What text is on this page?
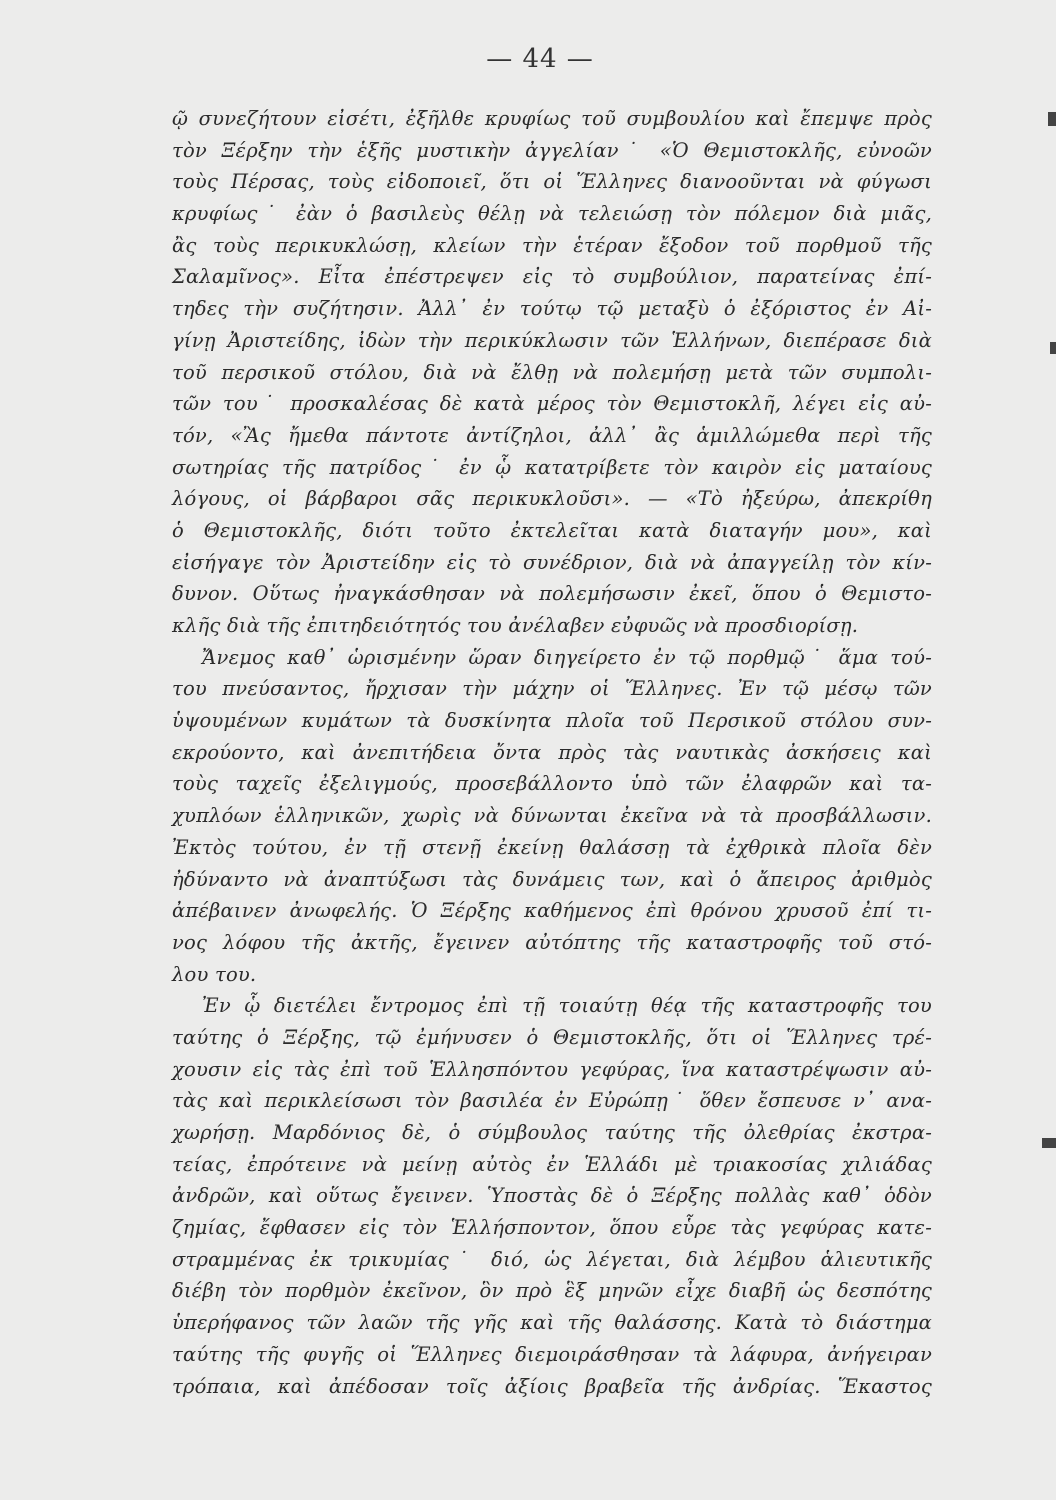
— 44 —
ῷ συνεζήτουν εἰσέτι, ἐξῆλθε κρυφίως τοῦ συμβουλίου καὶ ἔπεμψε πρὸς
τὸν Ξέρξην τὴν ἑξῆς μυστικὴν ἀγγελίαν˙ «Ὁ Θεμιστοκλῆς, εὐνοῶν
τοὺς Πέρσας, τοὺς εἰδοποιεῖ, ὅτι οἱ Ἕλληνες διανοοῦνται νὰ φύγωσι
κρυφίως˙ ἐὰν ὁ βασιλεὺς θέλῃ νὰ τελειώσῃ τὸν πόλεμον διὰ μιᾶς,
ἂς τοὺς περικυκλώσῃ, κλείων τὴν ἑτέραν ἔξοδον τοῦ πορθμοῦ τῆς
Σαλαμῖνος». Εἶτα ἐπέστρεψεν εἰς τὸ συμβούλιον, παρατείνας ἐπί-
τηδες τὴν συζήτησιν. Ἀλλ᾿ ἐν τούτῳ τῷ μεταξὺ ὁ ἐξόριστος ἐν Αἰ-
γίνῃ Ἀριστείδης, ἰδὼν τὴν περικύκλωσιν τῶν Ἑλλήνων, διεπέρασε διὰ
τοῦ περσικοῦ στόλου, διὰ νὰ ἔλθῃ νὰ πολεμήσῃ μετὰ τῶν συμπολι-
τῶν του˙ προσκαλέσας δὲ κατὰ μέρος τὸν Θεμιστοκλῆ, λέγει εἰς αὐ-
τόν, «Ἂς ἤμεθα πάντοτε ἀντίζηλοι, ἀλλ᾿ ἂς ἁμιλλώμεθα περὶ τῆς
σωτηρίας τῆς πατρίδος˙ ἐν ᾧ κατατρίβετε τὸν καιρὸν εἰς ματαίους
λόγους, οἱ βάρβαροι σᾶς περικυκλοῦσι». — «Τὸ ἠξεύρω, ἀπεκρίθη
ὁ Θεμιστοκλῆς, διότι τοῦτο ἐκτελεῖται κατὰ διαταγήν μου», καὶ
εἰσήγαγε τὸν Ἀριστείδην εἰς τὸ συνέδριον, διὰ νὰ ἀπαγγείλῃ τὸν κίν-
δυνον. Οὕτως ἠναγκάσθησαν νὰ πολεμήσωσιν ἐκεῖ, ὅπου ὁ Θεμιστο-
κλῆς διὰ τῆς ἐπιτηδειότητός του ἀνέλαβεν εὐφυῶς νὰ προσδιορίσῃ.
Ἄνεμος καθ᾿ ὡρισμένην ὥραν διηγείρετο ἐν τῷ πορθμῷ˙ ἅμα τού-
του πνεύσαντος, ἤρχισαν τὴν μάχην οἱ Ἕλληνες. Ἐν τῷ μέσῳ τῶν
ὑψουμένων κυμάτων τὰ δυσκίνητα πλοῖα τοῦ Περσικοῦ στόλου συν-
εκρούοντο, καὶ ἀνεπιτήδεια ὄντα πρὸς τὰς ναυτικὰς ἀσκήσεις καὶ
τοὺς ταχεῖς ἐξελιγμούς, προσεβάλλοντο ὑπὸ τῶν ἐλαφρῶν καὶ τα-
χυπλόων ἑλληνικῶν, χωρὶς νὰ δύνωνται ἐκεῖνα νὰ τὰ προσβάλλωσιν.
Ἐκτὸς τούτου, ἐν τῇ στενῇ ἐκείνῃ θαλάσσῃ τὰ ἐχθρικὰ πλοῖα δὲν
ἠδύναντο νὰ ἀναπτύξωσι τὰς δυνάμεις των, καὶ ὁ ἄπειρος ἀριθμὸς
ἀπέβαινεν ἀνωφελής. Ὁ Ξέρξης καθήμενος ἐπὶ θρόνου χρυσοῦ ἐπί τι-
νος λόφου τῆς ἀκτῆς, ἔγεινεν αὐτόπτης τῆς καταστροφῆς τοῦ στό-
λου του.
Ἐν ᾧ διετέλει ἔντρομος ἐπὶ τῇ τοιαύτῃ θέᾳ τῆς καταστροφῆς του
ταύτης ὁ Ξέρξης, τῷ ἐμήνυσεν ὁ Θεμιστοκλῆς, ὅτι οἱ Ἕλληνες τρέ-
χουσιν εἰς τὰς ἐπὶ τοῦ Ἑλλησπόντου γεφύρας, ἵνα καταστρέψωσιν αὐ-
τὰς καὶ περικλείσωσι τὸν βασιλέα ἐν Εὐρώπῃ˙ ὅθεν ἔσπευσε ν᾿ ανα-
χωρήσῃ. Μαρδόνιος δὲ, ὁ σύμβουλος ταύτης τῆς ὀλεθρίας ἐκστρα-
τείας, ἐπρότεινε νὰ μείνῃ αὐτὸς ἐν Ἑλλάδι μὲ τριακοσίας χιλιάδας
ἀνδρῶν, καὶ οὕτως ἔγεινεν. Ὑποστὰς δὲ ὁ Ξέρξης πολλὰς καθ᾿ ὁδὸν
ζημίας, ἔφθασεν εἰς τὸν Ἑλλήσποντον, ὅπου εὗρε τὰς γεφύρας κατε-
στραμμένας ἐκ τρικυμίας˙ διό, ὡς λέγεται, διὰ λέμβου ἁλιευτικῆς
διέβη τὸν πορθμὸν ἐκεῖνον, ὃν πρὸ ἓξ μηνῶν εἶχε διαβῆ ὡς δεσπότης
ὑπερήφανος τῶν λαῶν τῆς γῆς καὶ τῆς θαλάσσης. Κατὰ τὸ διάστημα
ταύτης τῆς φυγῆς οἱ Ἕλληνες διεμοιράσθησαν τὰ λάφυρα, ἀνήγειραν
τρόπαια, καὶ ἀπέδοσαν τοῖς ἀξίοις βραβεῖα τῆς ἀνδρίας. Ἕκαστος
